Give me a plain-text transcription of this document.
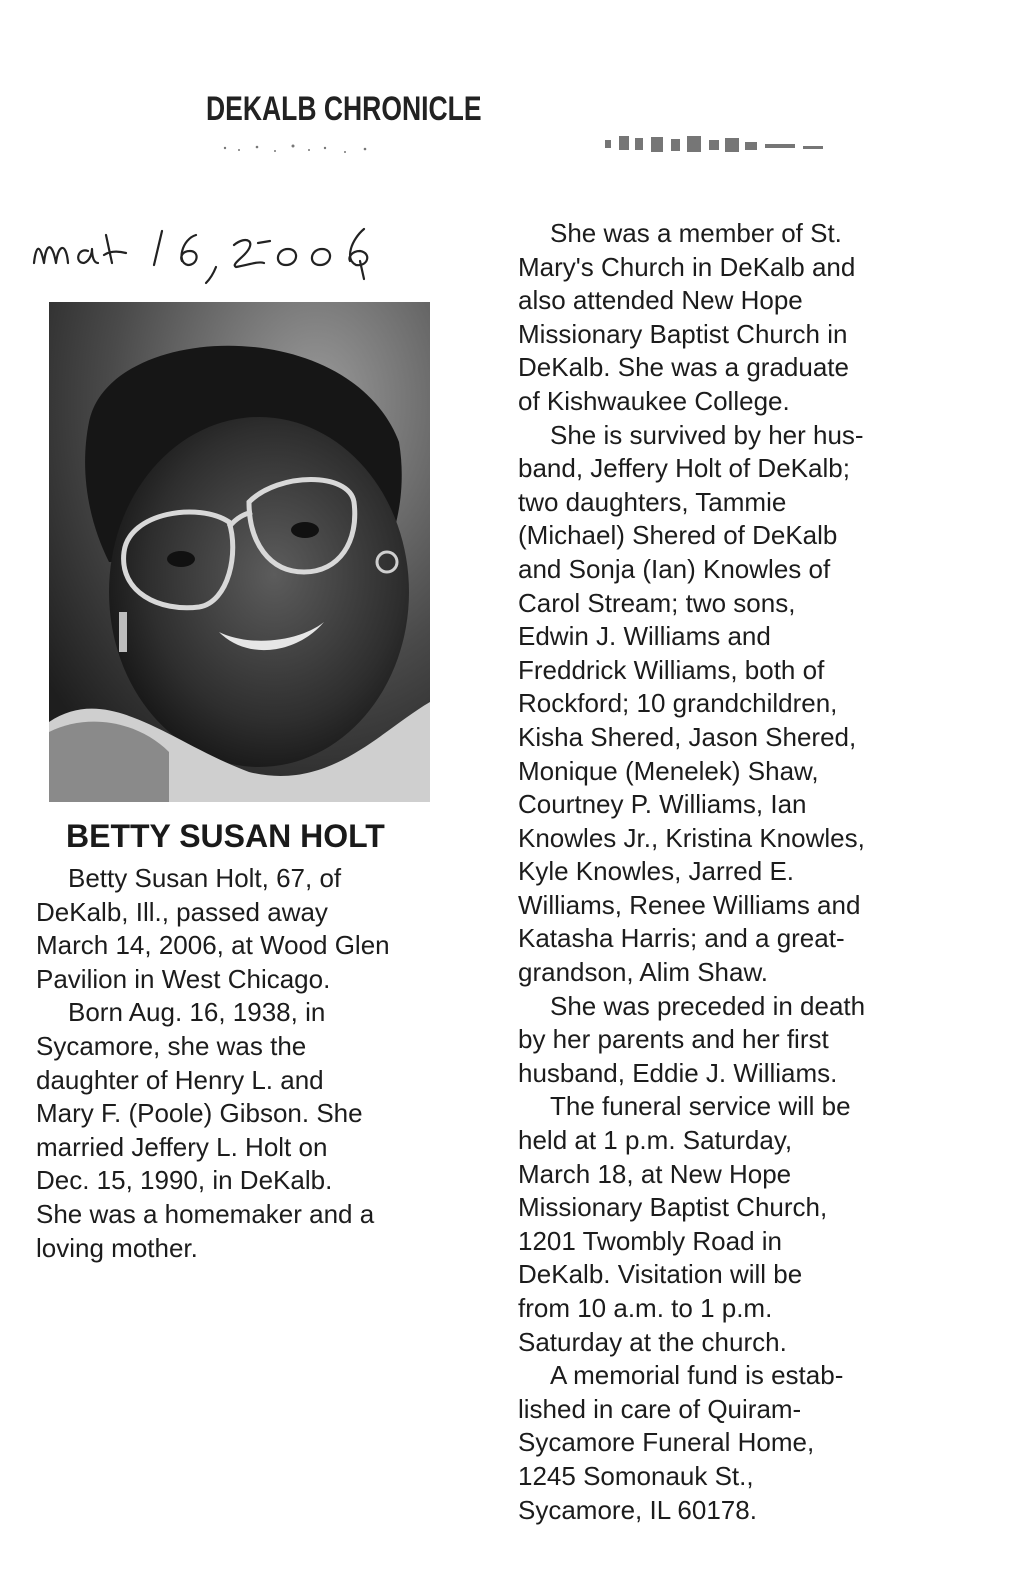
DEKALB CHRONICLE
BETTY SUSAN HOLT
Betty Susan Holt, 67, of
DeKalb, Ill., passed away
March 14, 2006, at Wood Glen
Pavilion in West Chicago.
Born Aug. 16, 1938, in
Sycamore, she was the
daughter of Henry L. and
Mary F. (Poole) Gibson. She
married Jeffery L. Holt on
Dec. 15, 1990, in DeKalb.
She was a homemaker and a
loving mother.
She was a member of St.
Mary's Church in DeKalb and
also attended New Hope
Missionary Baptist Church in
DeKalb. She was a graduate
of Kishwaukee College.
She is survived by her hus-
band, Jeffery Holt of DeKalb;
two daughters, Tammie
(Michael) Shered of DeKalb
and Sonja (Ian) Knowles of
Carol Stream; two sons,
Edwin J. Williams and
Freddrick Williams, both of
Rockford; 10 grandchildren,
Kisha Shered, Jason Shered,
Monique (Menelek) Shaw,
Courtney P. Williams, Ian
Knowles Jr., Kristina Knowles,
Kyle Knowles, Jarred E.
Williams, Renee Williams and
Katasha Harris; and a great-
grandson, Alim Shaw.
She was preceded in death
by her parents and her first
husband, Eddie J. Williams.
The funeral service will be
held at 1 p.m. Saturday,
March 18, at New Hope
Missionary Baptist Church,
1201 Twombly Road in
DeKalb. Visitation will be
from 10 a.m. to 1 p.m.
Saturday at the church.
A memorial fund is estab-
lished in care of Quiram-
Sycamore Funeral Home,
1245 Somonauk St.,
Sycamore, IL 60178.
